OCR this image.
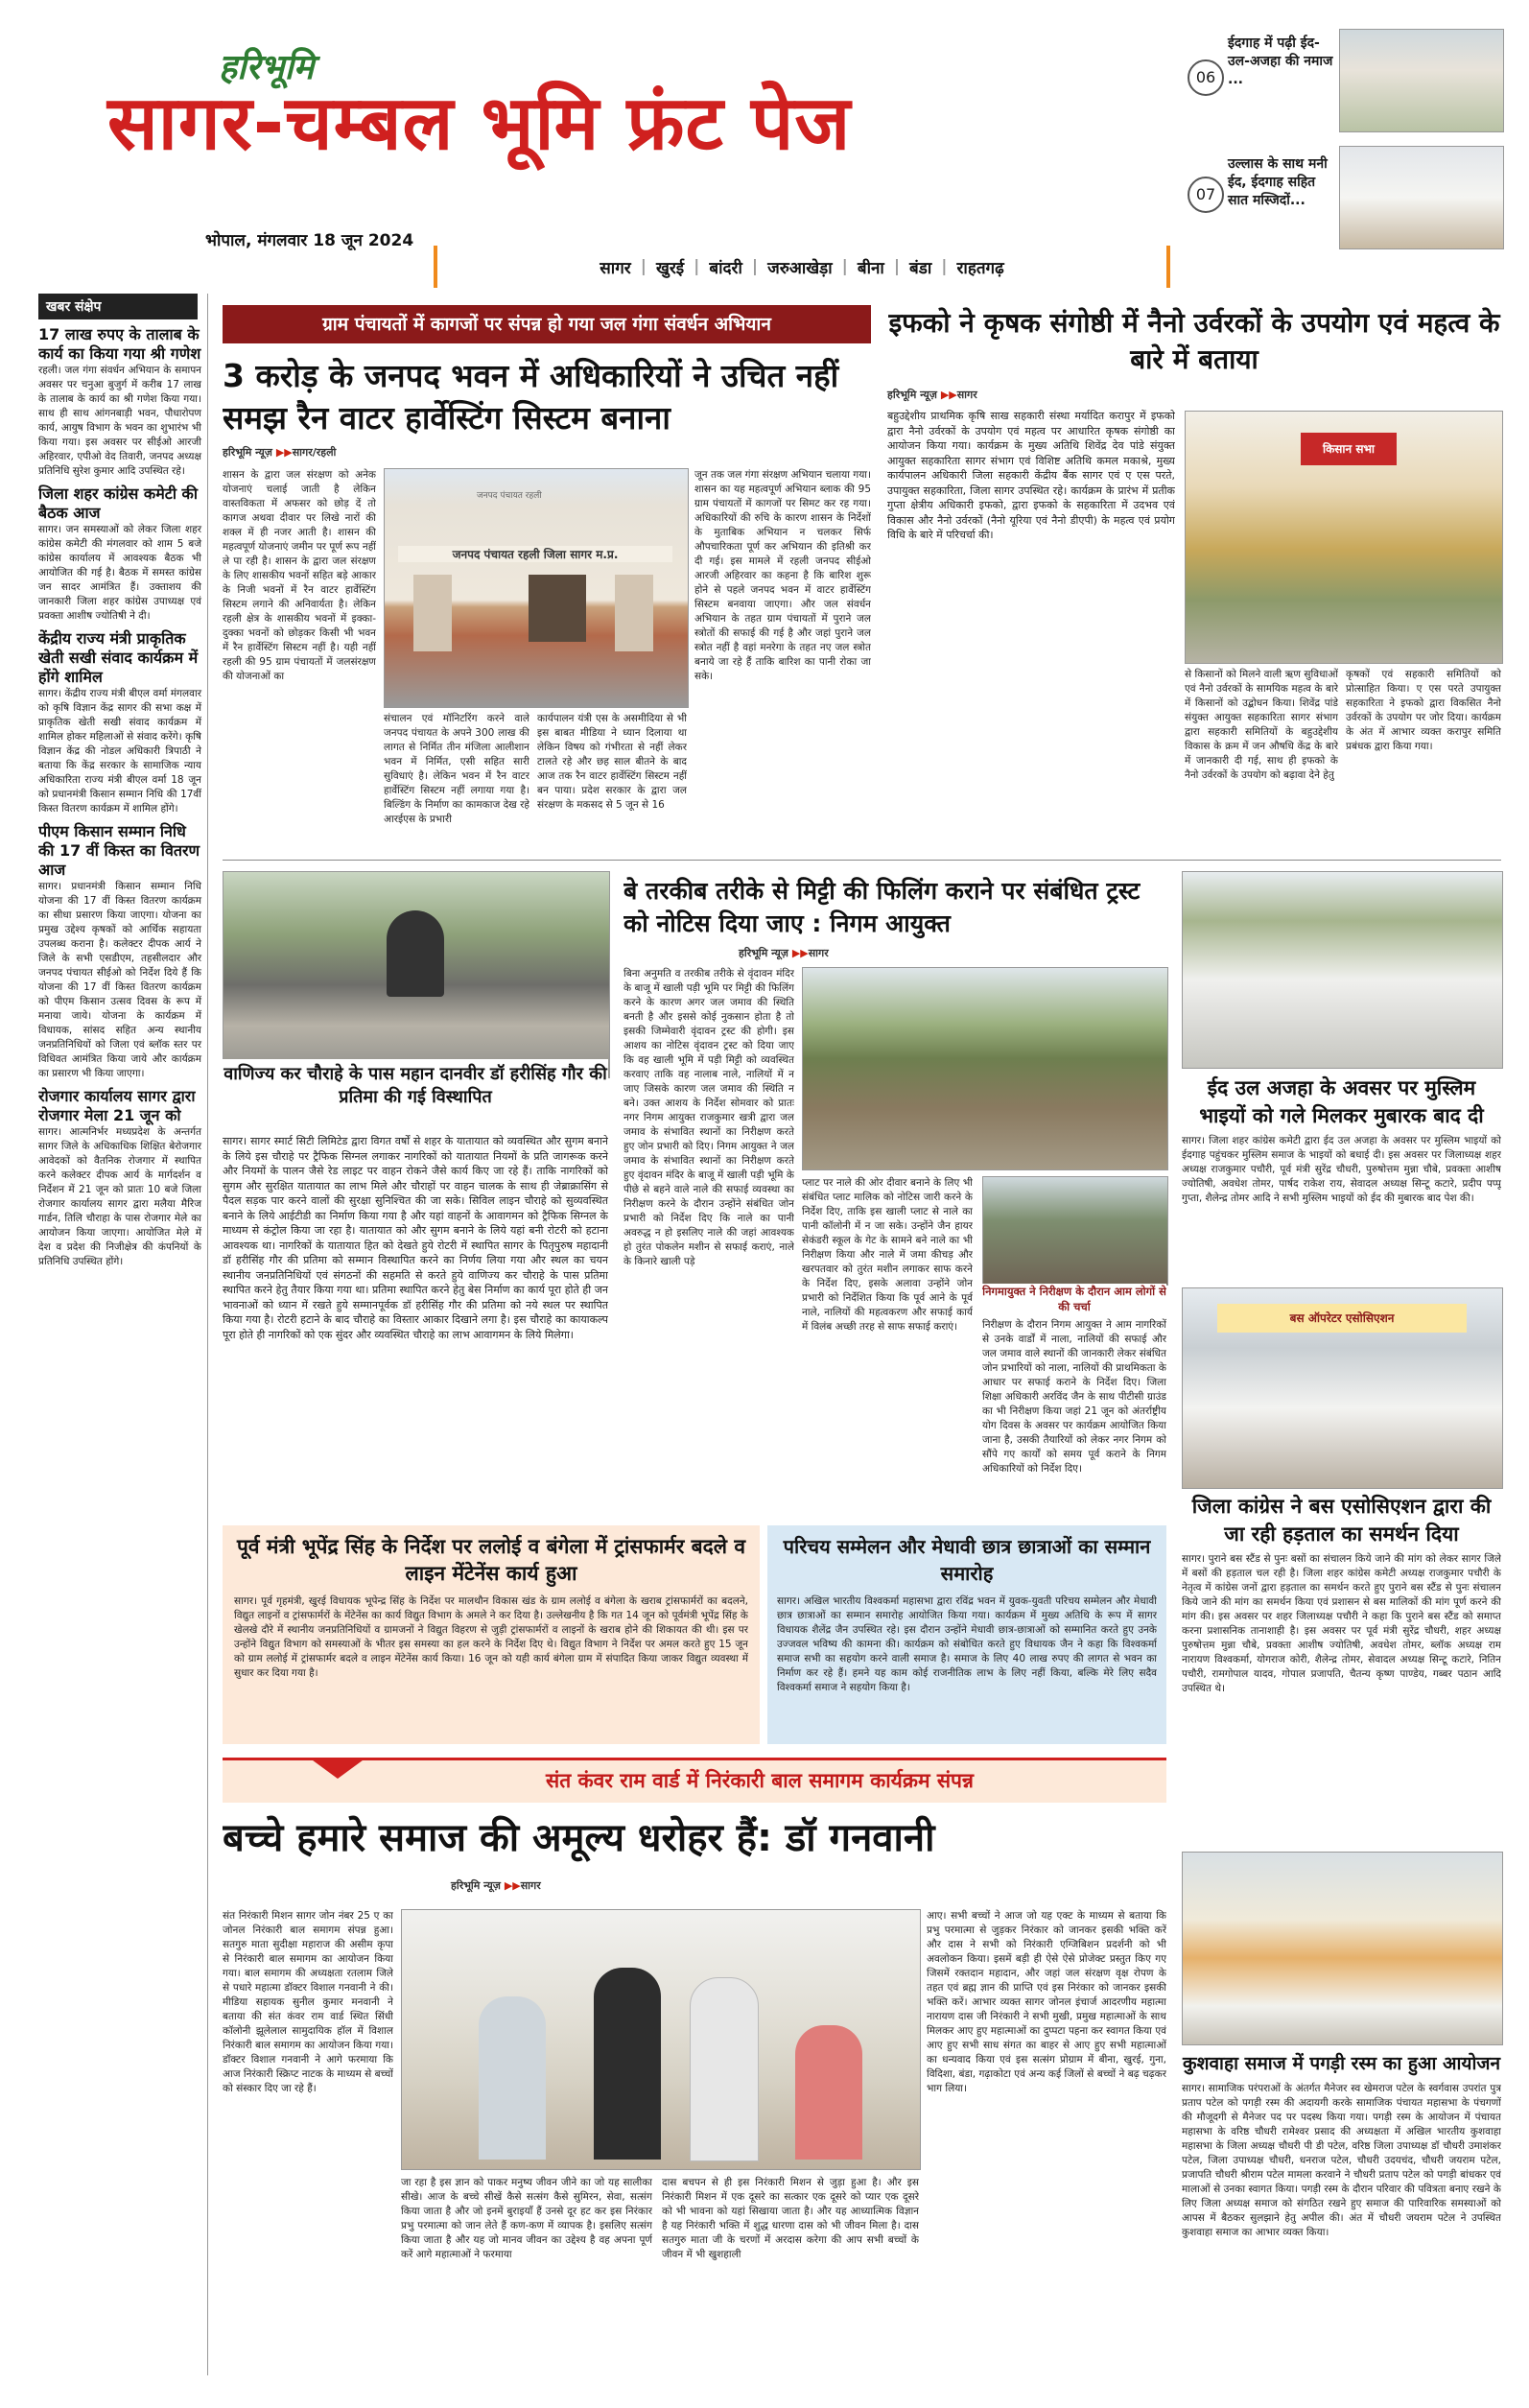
हरिभूमि
सागर-चम्बल भूमि फ्रंट पेज
भोपाल, मंगलवार 18 जून 2024
सागर | खुरई | बांदरी | जरुआखेड़ा | बीना | बंडा | राहतगढ़
06
ईदगाह में पढ़ी ईद-उल-अजहा की नमाज ...
07
उल्लास के साथ मनी ईद, ईदगाह सहित सात मस्जिदों...
खबर संक्षेप
17 लाख रुपए के तालाब के कार्य का किया गया श्री गणेश
रहली। जल गंगा संवर्धन अभियान के समापन अवसर पर चनुआ बुजुर्ग में करीब 17 लाख के तालाब के कार्य का श्री गणेश किया गया। साथ ही साथ आंगनबाड़ी भवन, पौधारोपण कार्य, आयुष विभाग के भवन का शुभारंभ भी किया गया। इस अवसर पर सीईओ आरजी अहिरवार, एपीओ वेद तिवारी, जनपद अध्यक्ष प्रतिनिधि सुरेश कुमार आदि उपस्थित रहे।
जिला शहर कांग्रेस कमेटी की बैठक आज
सागर। जन समस्याओं को लेकर जिला शहर कांग्रेस कमेटी की मंगलवार को शाम 5 बजे कांग्रेस कार्यालय में आवश्यक बैठक भी आयोजित की गई है। बैठक में समस्त कांग्रेस जन सादर आमंत्रित हैं। उक्ताशय की जानकारी जिला शहर कांग्रेस उपाध्यक्ष एवं प्रवक्ता आशीष ज्योतिषी ने दी।
केंद्रीय राज्य मंत्री प्राकृतिक खेती सखी संवाद कार्यक्रम में होंगे शामिल
सागर। केंद्रीय राज्य मंत्री बीएल वर्मा मंगलवार को कृषि विज्ञान केंद्र सागर की सभा कक्ष में प्राकृतिक खेती सखी संवाद कार्यक्रम में शामिल होकर महिलाओं से संवाद करेंगे। कृषि विज्ञान केंद्र की नोडल अधिकारी त्रिपाठी ने बताया कि केंद्र सरकार के सामाजिक न्याय अधिकारिता राज्य मंत्री बीएल वर्मा 18 जून को प्रधानमंत्री किसान सम्मान निधि की 17वीं किस्त वितरण कार्यक्रम में शामिल होंगे।
पीएम किसान सम्मान निधि की 17 वीं किस्त का वितरण आज
सागर। प्रधानमंत्री किसान सम्मान निधि योजना की 17 वीं किस्त वितरण कार्यक्रम का सीधा प्रसारण किया जाएगा। योजना का प्रमुख उद्देश्य कृषकों को आर्थिक सहायता उपलब्ध कराना है। कलेक्टर दीपक आर्य ने जिले के सभी एसडीएम, तहसीलदार और जनपद पंचायत सीईओ को निर्देश दिये हैं कि योजना की 17 वीं किस्त वितरण कार्यक्रम को पीएम किसान उत्सव दिवस के रूप में मनाया जाये। योजना के कार्यक्रम में विधायक, सांसद सहित अन्य स्थानीय जनप्रतिनिधियों को जिला एवं ब्लॉक स्तर पर विधिवत आमंत्रित किया जाये और कार्यक्रम का प्रसारण भी किया जाएगा।
रोजगार कार्यालय सागर द्वारा रोजगार मेला 21 जून को
सागर। आत्मनिर्भर मध्यप्रदेश के अन्तर्गत सागर जिले के अधिकाधिक शिक्षित बेरोजगार आवेदकों को वैतनिक रोजगार में स्थापित करने कलेक्टर दीपक आर्य के मार्गदर्शन व निर्देशन में 21 जून को प्रातः 10 बजे जिला रोजगार कार्यालय सागर द्वारा मलैया मैरिज गार्डन, तिलि चौराहा के पास रोजगार मेले का आयोजन किया जाएगा। आयोजित मेले में देश व प्रदेश की निजीक्षेत्र की कंपनियों के प्रतिनिधि उपस्थित होंगे।
ग्राम पंचायतों में कागजों पर संपन्न हो गया जल गंगा संवर्धन अभियान
3 करोड़ के जनपद भवन में अधिकारियों ने उचित नहीं समझ रैन वाटर हार्वेस्टिंग सिस्टम बनाना
हरिभूमि न्यूज़ ▶▶सागर/रहली
शासन के द्वारा जल संरक्षण को अनेक योजनाएं चलाई जाती है लेकिन वास्तविकता में अफसर को छोड़ दें तो कागज अथवा दीवार पर लिखे नारों की शक्ल में ही नजर आती है। शासन की महत्वपूर्ण योजनाएं जमीन पर पूर्ण रूप नहीं ले पा रही है। शासन के द्वारा जल संरक्षण के लिए शासकीय भवनों सहित बड़े आकार के निजी भवनों में रैन वाटर हार्वेस्टिंग सिस्टम लगाने की अनिवार्यता है। लेकिन रहली क्षेत्र के शासकीय भवनों में इक्का-दुक्का भवनों को छोड़कर किसी भी भवन में रैन हार्वेस्टिंग सिस्टम नहीं है। यही नहीं रहली की 95 ग्राम पंचायतों में जलसंरक्षण की योजनाओं का
जनपद पंचायत रहली
जनपद पंचायत रहली जिला सागर म.प्र.
संचालन एवं मॉनिटरिंग करने वाले जनपद पंचायत के अपने 300 लाख की लागत से निर्मित तीन मंजिला आलीशान भवन में निर्मित, एसी सहित सारी सुविधाएं है। लेकिन भवन में रैन वाटर हार्वेस्टिंग सिस्टम नहीं लगाया गया है। बिल्डिंग के निर्माण का कामकाज देख रहे आरईएस के प्रभारी
कार्यपालन यंत्री एस के असमीदिया से भी इस बाबत मीडिया ने ध्यान दिलाया था लेकिन विषय को गंभीरता से नहीं लेकर टालते रहे और छह साल बीतने के बाद आज तक रैन वाटर हार्वेस्टिंग सिस्टम नहीं बन पाया। प्रदेश सरकार के द्वारा जल संरक्षण के मकसद से 5 जून से 16
जून तक जल गंगा संरक्षण अभियान चलाया गया। शासन का यह महत्वपूर्ण अभियान ब्लाक की 95 ग्राम पंचायतों में कागजों पर सिमट कर रह गया। अधिकारियों की रुचि के कारण शासन के निर्देशों के मुताबिक अभियान न चलकर सिर्फ औपचारिकता पूर्ण कर अभियान की इतिश्री कर दी गई। इस मामले में रहली जनपद सीईओ आरजी अहिरवार का कहना है कि बारिश शुरू होने से पहले जनपद भवन में वाटर हार्वेस्टिंग सिस्टम बनवाया जाएगा। और जल संवर्धन अभियान के तहत ग्राम पंचायतों में पुराने जल स्त्रोतों की सफाई की गई है और जहां पुराने जल स्त्रोत नहीं है वहां मनरेगा के तहत नए जल स्त्रोत बनाये जा रहे हैं ताकि बारिश का पानी रोका जा सके।
इफको ने कृषक संगोष्ठी में नैनो उर्वरकों के उपयोग एवं महत्व के बारे में बताया
हरिभूमि न्यूज़ ▶▶सागर
बहुउद्देशीय प्राथमिक कृषि साख सहकारी संस्था मर्यादित करापुर में इफको द्वारा नैनो उर्वरकों के उपयोग एवं महत्व पर आधारित कृषक संगोष्ठी का आयोजन किया गया। कार्यक्रम के मुख्य अतिथि शिवेंद्र देव पांडे संयुक्त आयुक्त सहकारिता सागर संभाग एवं विशिष्ट अतिथि कमल मकाश्रे, मुख्य कार्यपालन अधिकारी जिला सहकारी केंद्रीय बैंक सागर एवं ए एस परते, उपायुक्त सहकारिता, जिला सागर उपस्थित रहे। कार्यक्रम के प्रारंभ में प्रतीक गुप्ता क्षेत्रीय अधिकारी इफको, द्वारा इफको के सहकारिता में उदभव एवं विकास और नैनो उर्वरकों (नैनो यूरिया एवं नैनो डीएपी) के महत्व एवं प्रयोग विधि के बारे में परिचर्चा की।
किसान सभा
से किसानों को मिलने वाली ऋण सुविधाओं एवं नैनो उर्वरकों के सामयिक महत्व के बारे में किसानों को उद्बोधन किया। शिवेंद्र पांडे संयुक्त आयुक्त सहकारिता सागर संभाग द्वारा सहकारी समितियों के बहुउद्देशीय विकास के क्रम में जन औषधि केंद्र के बारे में जानकारी दी गई, साथ ही इफको के नैनो उर्वरकों के उपयोग को बढ़ावा देने हेतु
कृषकों एवं सहकारी समितियों को प्रोत्साहित किया। ए एस परते उपायुक्त सहकारिता ने इफको द्वारा विकसित नैनो उर्वरकों के उपयोग पर जोर दिया। कार्यक्रम के अंत में आभार व्यक्त करापुर समिति प्रबंधक द्वारा किया गया।
वाणिज्य कर चौराहे के पास महान दानवीर डॉ हरीसिंह गौर की प्रतिमा की गई विस्थापित
सागर। सागर स्मार्ट सिटी लिमिटेड द्वारा विगत वर्षों से शहर के यातायात को व्यवस्थित और सुगम बनाने के लिये इस चौराहे पर ट्रैफिक सिग्नल लगाकर नागरिकों को यातायात नियमों के प्रति जागरूक करने और नियमों के पालन जैसे रेड लाइट पर वाहन रोकने जैसे कार्य किए जा रहे हैं। ताकि नागरिकों को सुगम और सुरक्षित यातायात का लाभ मिले और चौराहों पर वाहन चालक के साथ ही जेब्राक्रासिंग से पैदल सड़क पार करने वालों की सुरक्षा सुनिश्चित की जा सके। सिविल लाइन चौराहे को सुव्यवस्थित बनाने के लिये आईटीडी का निर्माण किया गया है और यहां वाहनों के आवागमन को ट्रैफिक सिग्नल के माध्यम से कंट्रोल किया जा रहा है। यातायात को और सुगम बनाने के लिये यहां बनी रोटरी को हटाना आवश्यक था। नागरिकों के यातायात हित को देखते हुये रोटरी में स्थापित सागर के पितृपुरुष महादानी डॉ हरीसिंह गौर की प्रतिमा को सम्मान विस्थापित करने का निर्णय लिया गया और स्थल का चयन स्थानीय जनप्रतिनिधियों एवं संगठनों की सहमति से करते हुये वाणिज्य कर चौराहे के पास प्रतिमा स्थापित करने हेतु तैयार किया गया था। प्रतिमा स्थापित करने हेतु बेस निर्माण का कार्य पूरा होते ही जन भावनाओं को ध्यान में रखते हुये सम्मानपूर्वक डॉ हरीसिंह गौर की प्रतिमा को नये स्थल पर स्थापित किया गया है। रोटरी हटाने के बाद चौराहे का विस्तार आकार दिखाने लगा है। इस चौराहे का कायाकल्प पूरा होते ही नागरिकों को एक सुंदर और व्यवस्थित चौराहे का लाभ आवागमन के लिये मिलेगा।
बे तरकीब तरीके से मिट्टी की फिलिंग कराने पर संबंधित ट्रस्ट को नोटिस दिया जाए : निगम आयुक्त
हरिभूमि न्यूज़ ▶▶सागर
बिना अनुमति व तरकीब तरीके से वृंदावन मंदिर के बाजू में खाली पड़ी भूमि पर मिट्टी की फिलिंग करने के कारण अगर जल जमाव की स्थिति बनती है और इससे कोई नुकसान होता है तो इसकी जिम्मेवारी वृंदावन ट्रस्ट की होगी। इस आशय का नोटिस वृंदावन ट्रस्ट को दिया जाए कि वह खाली भूमि में पड़ी मिट्टी को व्यवस्थित करवाए ताकि वह नालाब नाले, नालियों में न जाए जिसके कारण जल जमाव की स्थिति न बने। उक्त आशय के निर्देश सोमवार को प्रातः नगर निगम आयुक्त राजकुमार खत्री द्वारा जल जमाव के संभावित स्थानों का निरीक्षण करते हुए जोन प्रभारी को दिए। निगम आयुक्त ने जल जमाव के संभावित स्थानों का निरीक्षण करते हुए वृंदावन मंदिर के बाजू में खाली पड़ी भूमि के पीछे से बहने वाले नाले की सफाई व्यवस्था का निरीक्षण करने के दौरान उन्होंने संबंधित जोन प्रभारी को निर्देश दिए कि नाले का पानी अवरुद्ध न हो इसलिए नाले की जहां आवश्यक हो तुरंत पोकलेन मशीन से सफाई कराएं, नाले के किनारे खाली पड़े
प्लाट पर नाले की ओर दीवार बनाने के लिए भी संबंधित प्लाट मालिक को नोटिस जारी करने के निर्देश दिए, ताकि इस खाली प्लाट से नाले का पानी कॉलोनी में न जा सके। उन्होंने जैन हायर सेकंडरी स्कूल के गेट के सामने बने नाले का भी निरीक्षण किया और नाले में जमा कीचड़ और खरपतवार को तुरंत मशीन लगाकर साफ करने के निर्देश दिए, इसके अलावा उन्होंने जोन प्रभारी को निर्देशित किया कि पूर्व आने के पूर्व नाले, नालियों की महत्वकरण और सफाई कार्य में विलंब अच्छी तरह से साफ सफाई कराएं।
निगमायुक्त ने निरीक्षण के दौरान आम लोगों से की चर्चा
निरीक्षण के दौरान निगम आयुक्त ने आम नागरिकों से उनके वार्डों में नाला, नालियों की सफाई और जल जमाव वाले स्थानों की जानकारी लेकर संबंधित जोन प्रभारियों को नाला, नालियों की प्राथमिकता के आधार पर सफाई कराने के निर्देश दिए। जिला शिक्षा अधिकारी अरविंद जैन के साथ पीटीसी ग्राउंड का भी निरीक्षण किया जहां 21 जून को अंतर्राष्ट्रीय योग दिवस के अवसर पर कार्यक्रम आयोजित किया जाना है, उसकी तैयारियों को लेकर नगर निगम को सौंपे गए कार्यों को समय पूर्व कराने के निगम अधिकारियों को निर्देश दिए।
ईद उल अजहा के अवसर पर मुस्लिम भाइयों को गले मिलकर मुबारक बाद दी
सागर। जिला शहर कांग्रेस कमेटी द्वारा ईद उल अजहा के अवसर पर मुस्लिम भाइयों को ईदगाह पहुंचकर मुस्लिम समाज के भाइयों को बधाई दी। इस अवसर पर जिलाध्यक्ष शहर अध्यक्ष राजकुमार पचौरी, पूर्व मंत्री सुरेंद्र चौधरी, पुरुषोत्तम मुन्ना चौबे, प्रवक्ता आशीष ज्योतिषी, अवधेश तोमर, पार्षद राकेश राय, सेवादल अध्यक्ष सिन्टू कटारे, प्रदीप पप्पू गुप्ता, शैलेन्द्र तोमर आदि ने सभी मुस्लिम भाइयों को ईद की मुबारक बाद पेश की।
बस ऑपरेटर एसोसिएशन
जिला कांग्रेस ने बस एसोसिएशन द्वारा की जा रही हड़ताल का समर्थन दिया
सागर। पुराने बस स्टैंड से पुनः बसों का संचालन किये जाने की मांग को लेकर सागर जिले में बसों की हड़ताल चल रही है। जिला शहर कांग्रेस कमेटी अध्यक्ष राजकुमार पचौरी के नेतृत्व में कांग्रेस जनों द्वारा हड़ताल का समर्थन करते हुए पुराने बस स्टैंड से पुनः संचालन किये जाने की मांग का समर्थन किया एवं प्रशासन से बस मालिकों की मांग पूर्ण करने की मांग की। इस अवसर पर शहर जिलाध्यक्ष पचौरी ने कहा कि पुराने बस स्टैंड को समाप्त करना प्रशासनिक तानाशाही है। इस अवसर पर पूर्व मंत्री सुरेंद्र चौधरी, शहर अध्यक्ष पुरुषोत्तम मुन्ना चौबे, प्रवक्ता आशीष ज्योतिषी, अवधेश तोमर, ब्लॉक अध्यक्ष राम नारायण विश्वकर्मा, योगराज कोरी, शैलेन्द्र तोमर, सेवादल अध्यक्ष सिन्टू कटारे, नितिन पचौरी, रामगोपाल यादव, गोपाल प्रजापति, चैतन्य कृष्ण पाण्डेय, गब्बर पठान आदि उपस्थित थे।
पूर्व मंत्री भूपेंद्र सिंह के निर्देश पर ललोई व बंगेला में ट्रांसफार्मर बदले व लाइन मेंटेनेंस कार्य हुआ
सागर। पूर्व गृहमंत्री, खुरई विधायक भूपेन्द्र सिंह के निर्देश पर मालथौन विकास खंड के ग्राम ललोई व बंगेला के खराब ट्रांसफार्मरों का बदलने, विद्युत लाइनों व ट्रांसफार्मरों के मेंटेनेंस का कार्य विद्युत विभाग के अमले ने कर दिया है। उल्लेखनीय है कि गत 14 जून को पूर्वमंत्री भूपेंद्र सिंह के खेलखे दौरे में स्थानीय जनप्रतिनिधियों व ग्रामजनों ने विद्युत विहरण से जुड़ी ट्रांसफार्मरों व लाइनों के खराब होने की शिकायत की थी। इस पर उन्होंने विद्युत विभाग को समस्याओं के भीतर इस समस्या का हल करने के निर्देश दिए थे। विद्युत विभाग ने निर्देश पर अमल करते हुए 15 जून को ग्राम ललोई में ट्रांसफार्मर बदले व लाइन मेंटेनेंस कार्य किया। 16 जून को यही कार्य बंगेला ग्राम में संपादित किया जाकर विद्युत व्यवस्था में सुधार कर दिया गया है।
परिचय सम्मेलन और मेधावी छात्र छात्राओं का सम्मान समारोह
सागर। अखिल भारतीय विश्वकर्मा महासभा द्वारा रविंद्र भवन में युवक-युवती परिचय सम्मेलन और मेधावी छात्र छात्राओं का सम्मान समारोह आयोजित किया गया। कार्यक्रम में मुख्य अतिथि के रूप में सागर विधायक शैलेंद्र जैन उपस्थित रहे। इस दौरान उन्होंने मेधावी छात्र-छात्राओं को सम्मानित करते हुए उनके उज्जवल भविष्य की कामना की। कार्यक्रम को संबोधित करते हुए विधायक जैन ने कहा कि विश्वकर्मा समाज सभी का सहयोग करने वाली समाज है। समाज के लिए 40 लाख रुपए की लागत से भवन का निर्माण कर रहे हैं। हमने यह काम कोई राजनीतिक लाभ के लिए नहीं किया, बल्कि मेरे लिए सदैव विश्वकर्मा समाज ने सहयोग किया है।
संत कंवर राम वार्ड में निरंकारी बाल समागम कार्यक्रम संपन्न
बच्चे हमारे समाज की अमूल्य धरोहर हैं: डॉ गनवानी
हरिभूमि न्यूज़ ▶▶सागर
संत निरंकारी मिशन सागर जोन नंबर 25 ए का जोनल निरंकारी बाल समागम संपन्न हुआ। सतगुरु माता सुदीक्षा महाराज की असीम कृपा से निरंकारी बाल समागम का आयोजन किया गया। बाल समागम की अध्यक्षता रतलाम जिले से पधारे महात्मा डॉक्टर विशाल गनवानी ने की। मीडिया सहायक सुनील कुमार मनवानी ने बताया की संत कंवर राम वार्ड स्थित सिंधी कॉलोनी झूलेलाल सामुदायिक हॉल में विशाल निरंकारी बाल समागम का आयोजन किया गया। डॉक्टर विशाल गनवानी ने आगे फरमाया कि आज निरंकारी स्क्रिप्ट नाटक के माध्यम से बच्चों को संस्कार दिए जा रहे हैं।
जा रहा है इस ज्ञान को पाकर मनुष्य जीवन जीने का जो यह सालीका सीखे। आज के बच्चे सीखें कैसे सत्संग कैसे सुमिरन, सेवा, सत्संग किया जाता है और जो इनमें बुराइयाँ हैं उनसे दूर हट कर इस निरंकार प्रभु परमात्मा को जान लेते हैं कण-कण में व्यापक है। इसलिए सत्संग किया जाता है और यह जो मानव जीवन का उद्देश्य है वह अपना पूर्ण करें आगे महात्माओं ने फरमाया
दास बचपन से ही इस निरंकारी मिशन से जुड़ा हुआ है। और इस निरंकारी मिशन में एक दूसरे का सत्कार एक दूसरे को प्यार एक दूसरे को भी भावना को यहां सिखाया जाता है। और यह आध्यात्मिक विज्ञान है यह निरंकारी भक्ति में शुद्ध धारणा दास को भी जीवन मिला है। दास सतगुरु माता जी के चरणों में अरदास करेगा की आप सभी बच्चों के जीवन में भी खुशहाली
आए। सभी बच्चों ने आज जो यह एक्ट के माध्यम से बताया कि प्रभु परमात्मा से जुड़कर निरंकार को जानकर इसकी भक्ति करें और दास ने सभी को निरंकारी एग्जिबिशन प्रदर्शनी को भी अवलोकन किया। इसमें बड़ी ही ऐसे ऐसे प्रोजेक्ट प्रस्तुत किए गए जिसमें रक्तदान महादान, और जहां जल संरक्षण वृक्ष रोपण के तहत एवं ब्रह्म ज्ञान की प्राप्ति एवं इस निरंकार को जानकर इसकी भक्ति करें। आभार व्यक्त सागर जोनल इंचार्ज आदरणीय महात्मा नारायण दास जी निरंकारी ने सभी मुखी, प्रमुख महात्माओं के साथ मिलकर आए हुए महात्माओं का दुप्पटा पहना कर स्वागत किया एवं आए हुए सभी साध संगत का बाहर से आए हुए सभी महात्माओं का धन्यवाद किया एवं इस सत्संग प्रोग्राम में बीना, खुरई, गुना, विदिशा, बंडा, गढ़ाकोटा एवं अन्य कई जिलों से बच्चों ने बढ़ चढ़कर भाग लिया।
कुशवाहा समाज में पगड़ी रस्म का हुआ आयोजन
सागर। सामाजिक परंपराओं के अंतर्गत मैनेजर स्व खेमराज पटेल के स्वर्गवास उपरांत पुत्र प्रताप पटेल को पगड़ी रस्म की अदायगी करके सामाजिक पंचायत महासभा के पंचगणों की मौजूदगी से मैनेजर पद पर पदस्थ किया गया। पगड़ी रस्म के आयोजन में पंचायत महासभा के वरिष्ठ चौधरी रामेश्वर प्रसाद की अध्यक्षता में अखिल भारतीय कुशवाहा महासभा के जिला अध्यक्ष चौधरी पी डी पटेल, वरिष्ठ जिला उपाध्यक्ष डॉ चौधरी उमाशंकर पटेल, जिला उपाध्यक्ष चौधरी, धनराज पटेल, चौधरी उदयचंद, चौधरी जयराम पटेल, प्रजापति चौधरी श्रीराम पटेल मामला करवाने ने चौधरी प्रताप पटेल को पगड़ी बांधकर एवं मालाओं से उनका स्वागत किया। पगड़ी रस्म के दौरान परिवार की पवित्रता बनाए रखने के लिए जिला अध्यक्ष समाज को संगठित रखने हुए समाज की पारिवारिक समस्याओं को आपस में बैठकर सुलझाने हेतु अपील की। अंत में चौधरी जयराम पटेल ने उपस्थित कुशवाहा समाज का आभार व्यक्त किया।
